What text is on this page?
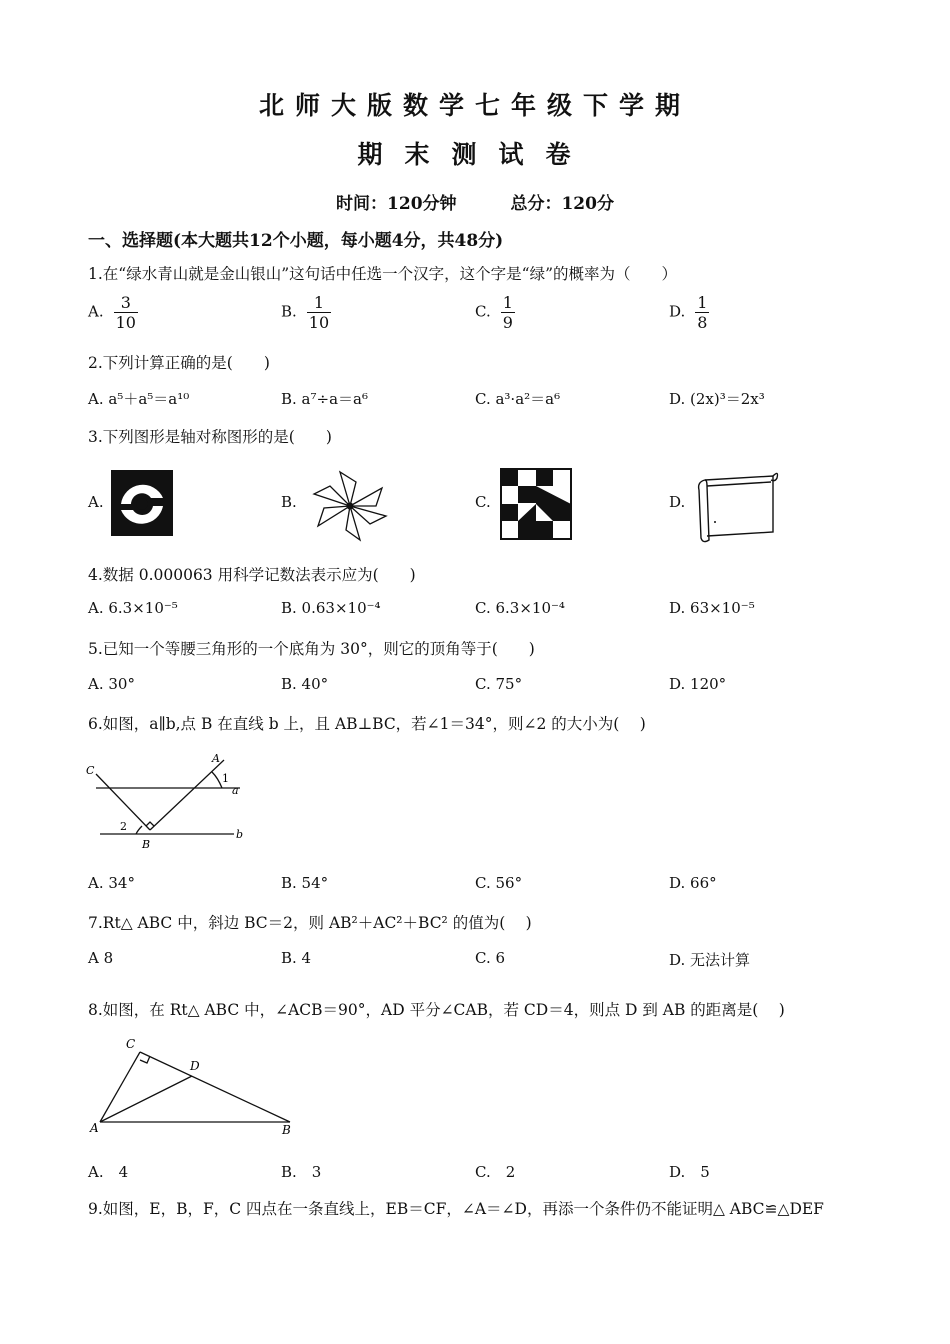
北师大版数学七年级下学期
期末测试卷
时间：120分钟	总分：120分
一、选择题(本大题共12个小题，每小题4分，共48分)
1.在“绿水青山就是金山银山”这句话中任选一个汉字，这个字是“绿”的概率为（　　）
A. $\frac{3}{10}$	B. $\frac{1}{10}$	C. $\frac{1}{9}$	D. $\frac{1}{8}$
2.下列计算正确的是(　　)
A. a⁵＋a⁵＝a¹⁰	B. a⁷÷a＝a⁶	C. a³·a²＝a⁶	D. (2x)³＝2x³
3.下列图形是轴对称图形的是(　　)
A.	B.	C.	D.
4.数据 0.000063 用科学记数法表示应为(　　)
A. 6.3×10⁻⁵	B. 0.63×10⁻⁴	C. 6.3×10⁻⁴	D. 63×10⁻⁵
5.已知一个等腰三角形的一个底角为 30°，则它的顶角等于(　　)
A. 30°	B. 40°	C. 75°	D. 120°
6.如图，a∥b,点 B 在直线 b 上，且 AB⊥BC，若∠1＝34°，则∠2 的大小为(　 )
C
A
1
a
2
b
B
A. 34°	B. 54°	C. 56°	D. 66°
7.Rt△ ABC 中，斜边 BC＝2，则 AB²＋AC²＋BC² 的值为(　 )
A 8	B. 4	C. 6	D. 无法计算
8.如图，在 Rt△ ABC 中，∠ACB＝90°，AD 平分∠CAB，若 CD＝4，则点 D 到 AB 的距离是(　 )
C
D
A	B
A.　4	B.　3	C.　2	D.　5
9.如图，E，B，F，C 四点在一条直线上，EB＝CF，∠A＝∠D，再添一个条件仍不能证明△ ABC≌△DEF
